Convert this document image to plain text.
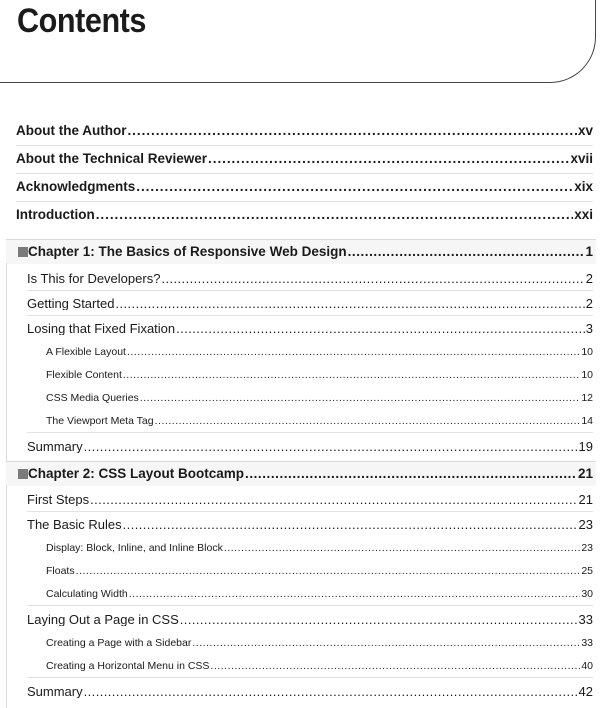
Contents
About the Author . . .	xv
About the Technical Reviewer . . .	xvii
Acknowledgments . . .	xix
Introduction . . .	xxi
Chapter 1: The Basics of Responsive Web Design . . .	1
Is This for Developers? . . .	2
Getting Started . . .	2
Losing that Fixed Fixation . . .	3
A Flexible Layout . . .	10
Flexible Content . . .	10
CSS Media Queries . . .	12
The Viewport Meta Tag . . .	14
Summary . . .	19
Chapter 2: CSS Layout Bootcamp . . .	21
First Steps . . .	21
The Basic Rules . . .	23
Display: Block, Inline, and Inline Block . . .	23
Floats . . .	25
Calculating Width . . .	30
Laying Out a Page in CSS . . .	33
Creating a Page with a Sidebar . . .	33
Creating a Horizontal Menu in CSS . . .	40
Summary . . .	42
